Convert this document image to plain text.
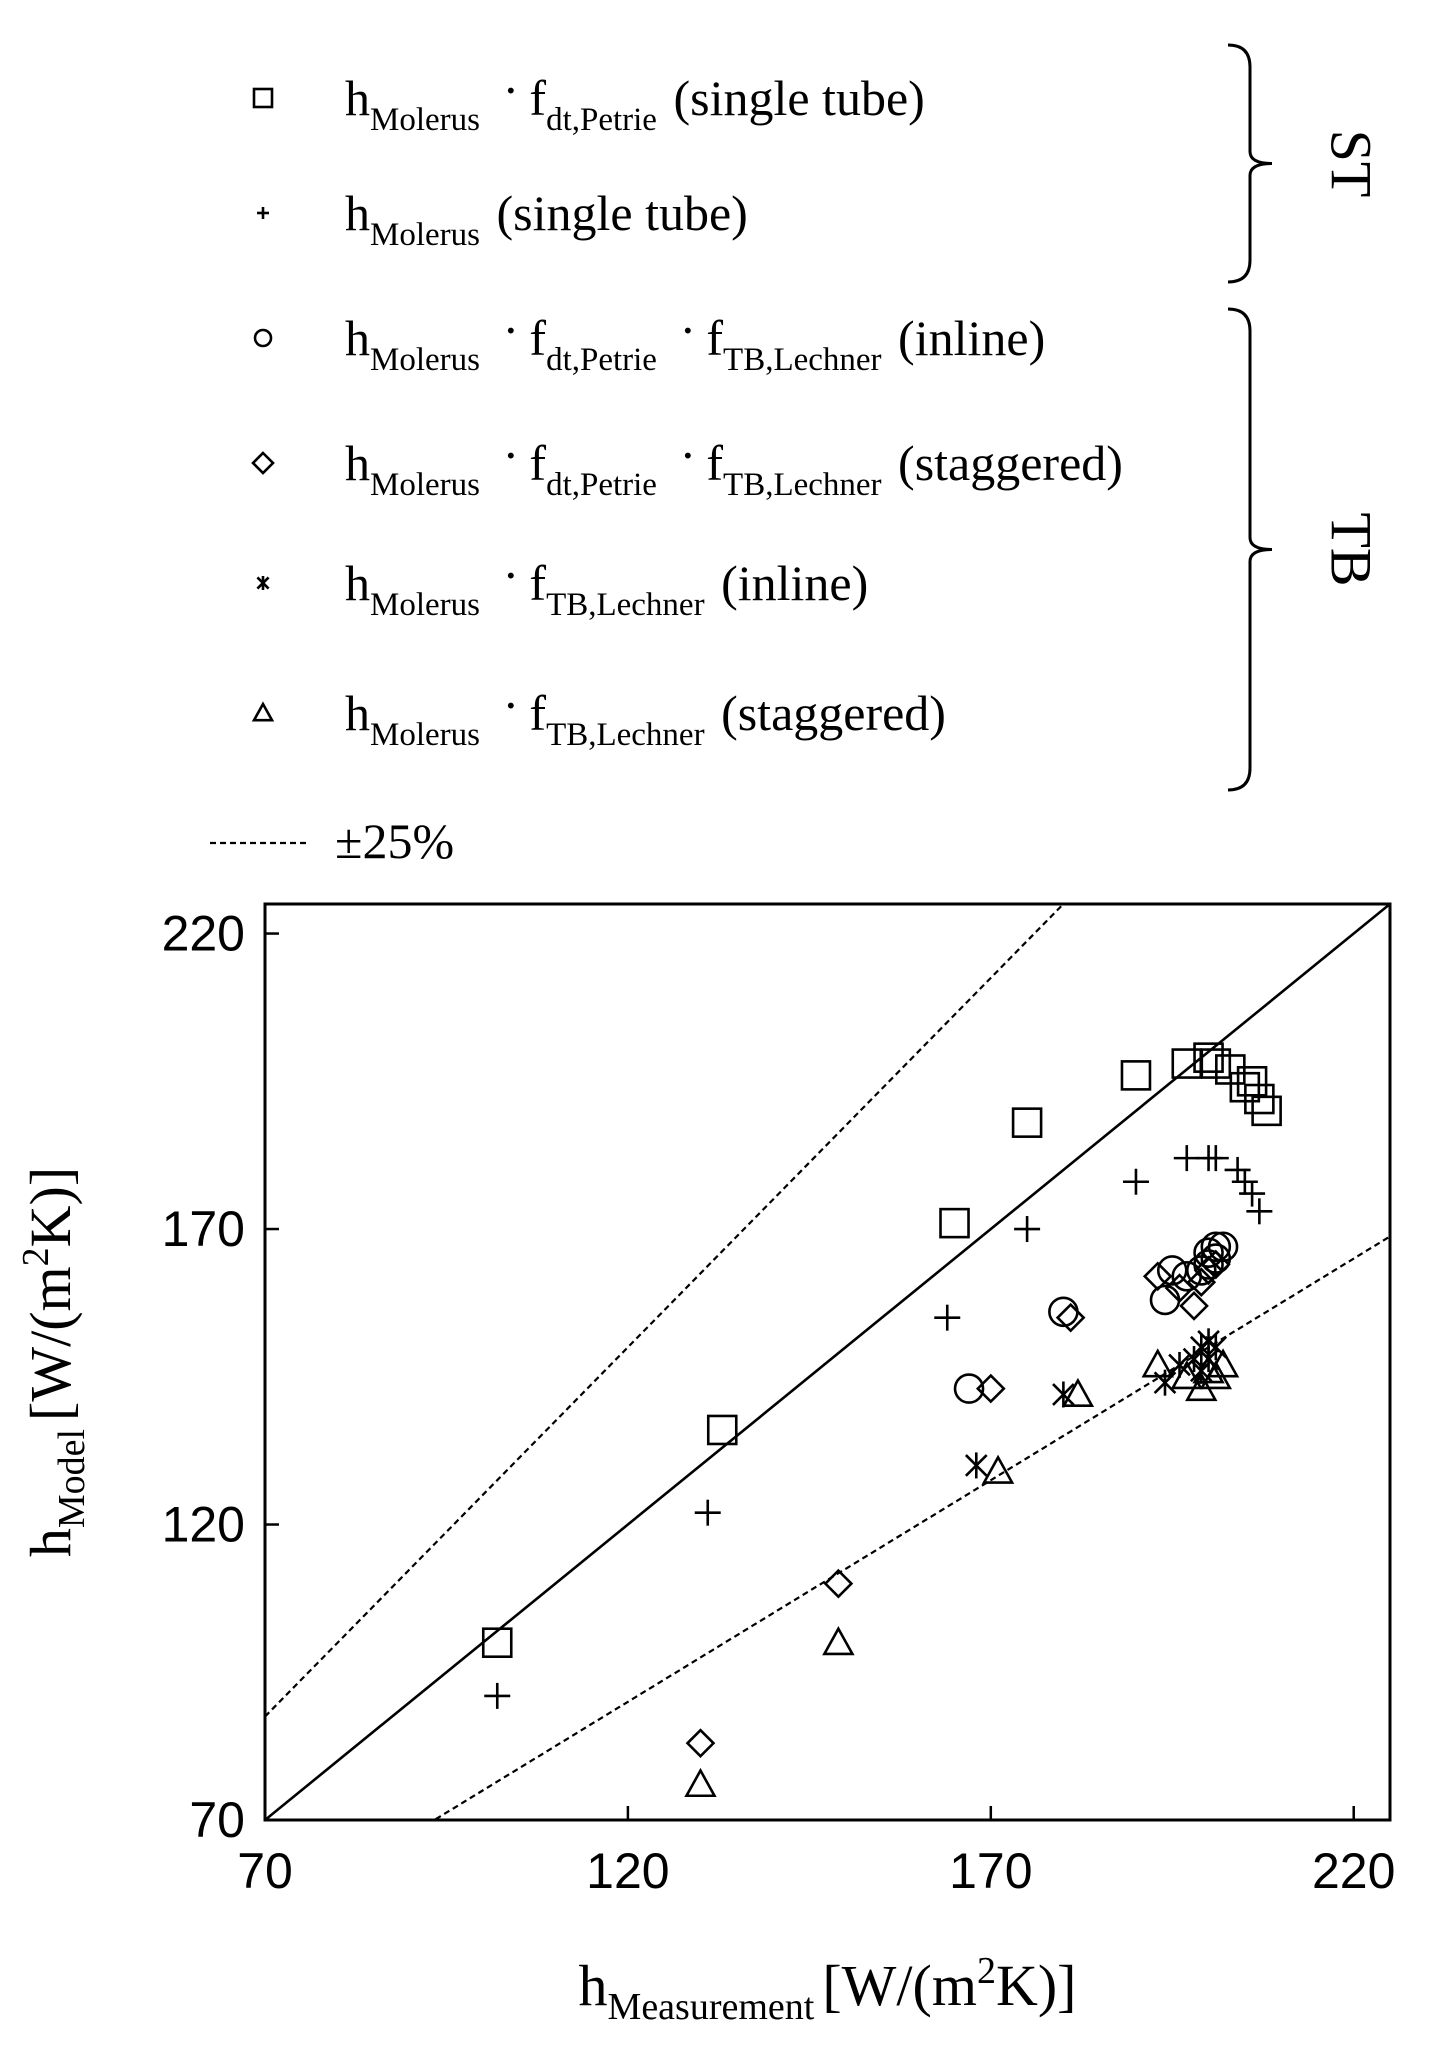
$h_{Molerus} \cdot f_{dt,Petrie}$ (single tube)
$h_{Molerus}$ (single tube)
$h_{Molerus} \cdot f_{dt,Petrie} \cdot f_{TB,Lechner}$ (inline)
$h_{Molerus} \cdot f_{dt,Petrie} \cdot f_{TB,Lechner}$ (staggered)
$h_{Molerus} \cdot f_{TB,Lechner}$ (inline)
$h_{Molerus} \cdot f_{TB,Lechner}$ (staggered)
±25%
ST
TB
70	120	170	220
70
120
170
220
$h_{Measurement}$ $[W/(m^2K)]$
$h_{Model}[W/(m^2K)]$
